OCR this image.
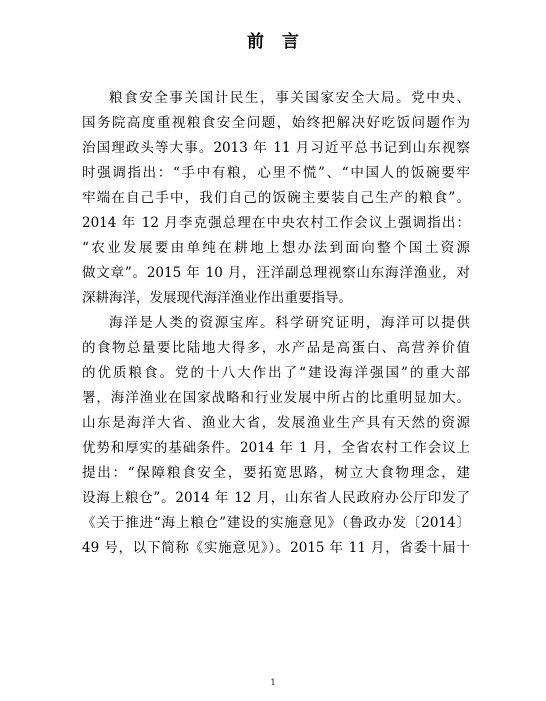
前言
粮食安全事关国计民生，事关国家安全大局。党中央、
国务院高度重视粮食安全问题，始终把解决好吃饭问题作为
治国理政头等大事。2013 年 11 月习近平总书记到山东视察
时强调指出：“手中有粮，心里不慌”、“中国人的饭碗要牢
牢端在自己手中，我们自己的饭碗主要装自己生产的粮食”。
2014 年 12 月李克强总理在中央农村工作会议上强调指出：
“农业发展要由单纯在耕地上想办法到面向整个国土资源
做文章”。2015 年 10 月，汪洋副总理视察山东海洋渔业，对
深耕海洋，发展现代海洋渔业作出重要指导。
海洋是人类的资源宝库。科学研究证明，海洋可以提供
的食物总量要比陆地大得多，水产品是高蛋白、高营养价值
的优质粮食。党的十八大作出了“建设海洋强国”的重大部
署，海洋渔业在国家战略和行业发展中所占的比重明显加大。
山东是海洋大省、渔业大省，发展渔业生产具有天然的资源
优势和厚实的基础条件。2014 年 1 月，全省农村工作会议上
提出：“保障粮食安全，要拓宽思路，树立大食物理念，建
设海上粮仓”。2014 年 12 月，山东省人民政府办公厅印发了
《关于推进“海上粮仓”建设的实施意见》（鲁政办发〔2014〕
49 号，以下简称《实施意见》）。2015 年 11 月，省委十届十
1
